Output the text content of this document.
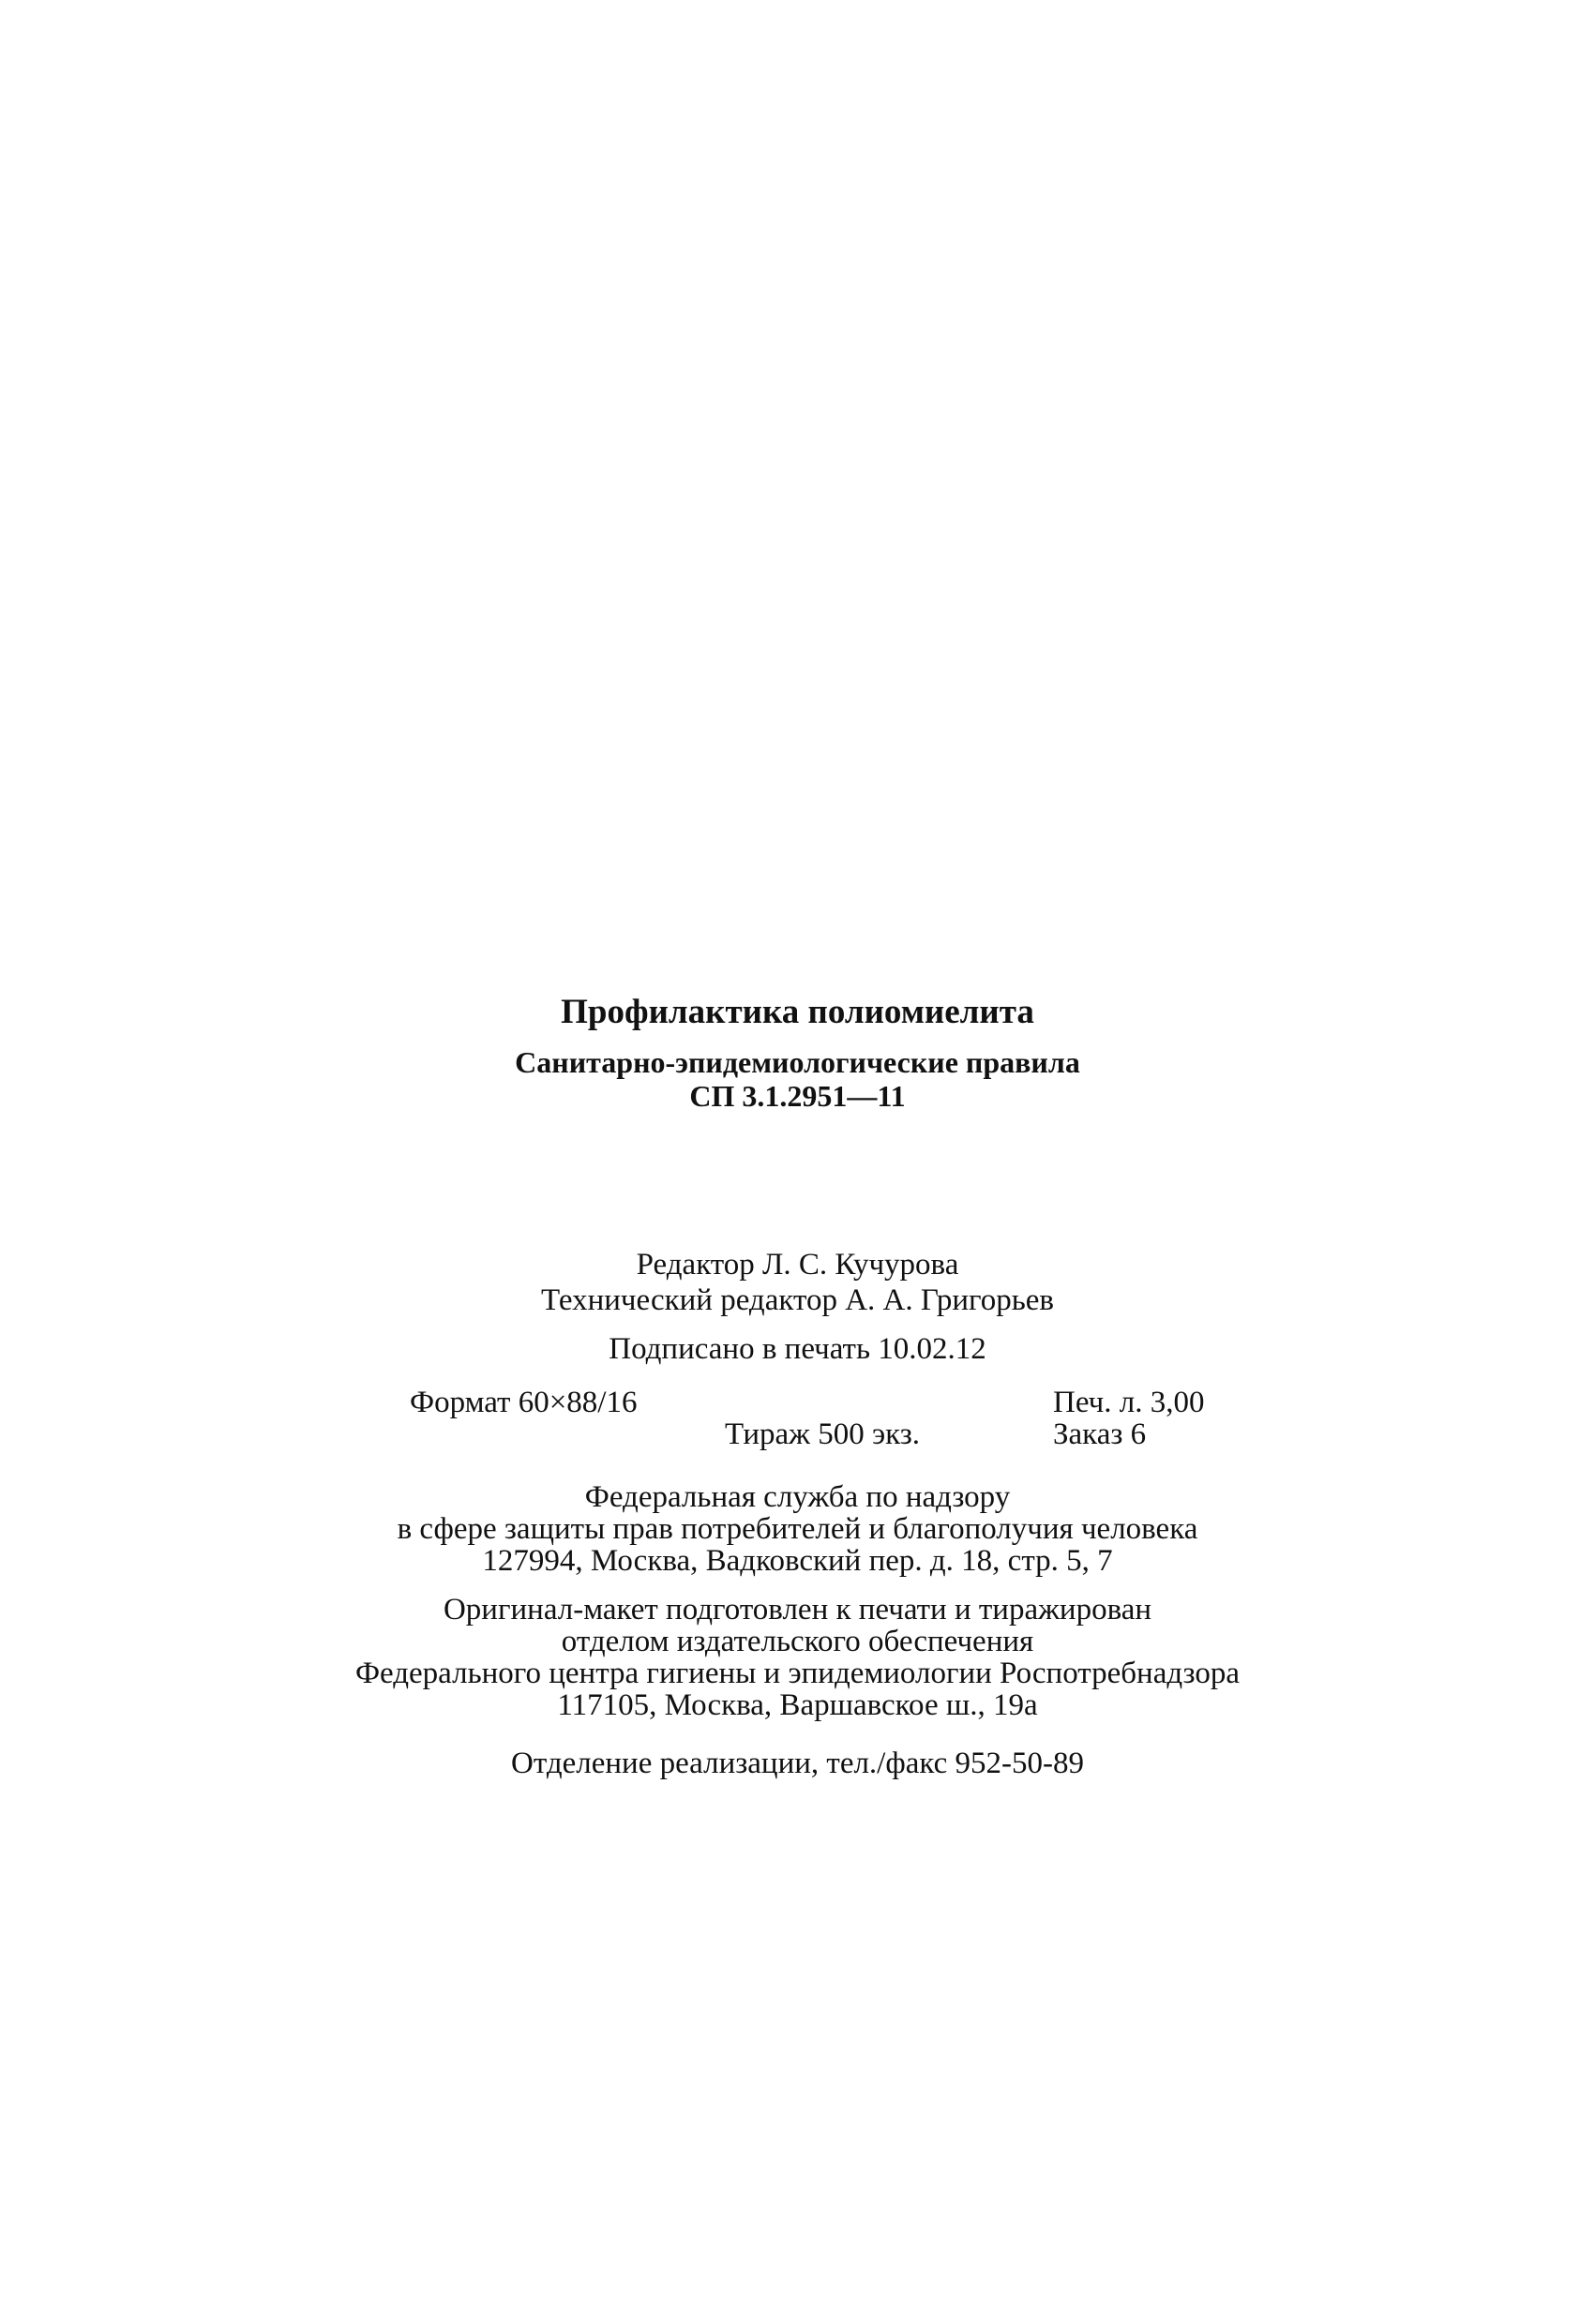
Профилактика полиомиелита
Санитарно-эпидемиологические правила
СП 3.1.2951—11
Редактор Л. С. Кучурова
Технический редактор А. А. Григорьев
Подписано в печать 10.02.12
Формат 60×88/16	Печ. л. 3,00
Тираж 500 экз.	Заказ 6
Федеральная служба по надзору
в сфере защиты прав потребителей и благополучия человека
127994, Москва, Вадковский пер. д. 18, стр. 5, 7
Оригинал-макет подготовлен к печати и тиражирован
отделом издательского обеспечения
Федерального центра гигиены и эпидемиологии Роспотребнадзора
117105, Москва, Варшавское ш., 19а
Отделение реализации, тел./факс 952-50-89
